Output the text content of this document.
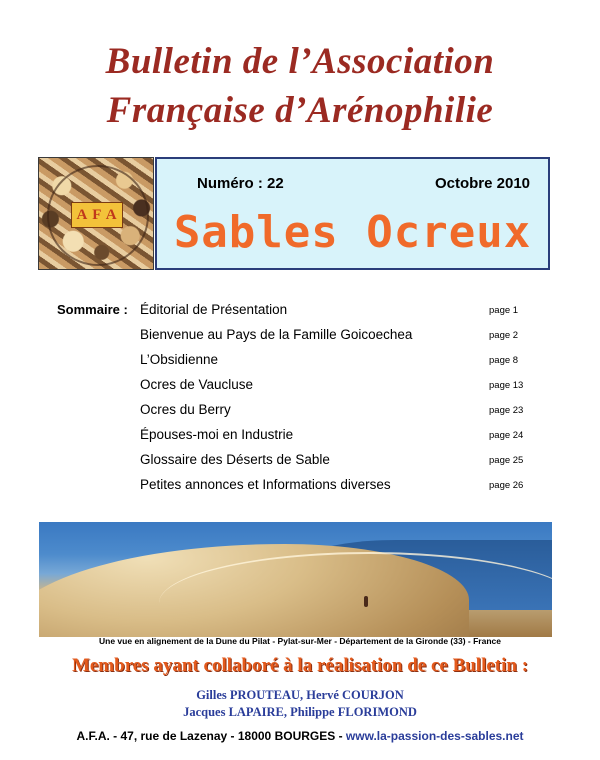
Bulletin de l’Association
Française d’Arénophilie
A F A
Numéro : 22	Octobre 2010
Sables Ocreux
Sommaire : Éditorial de Présentation	page 1
Bienvenue au Pays de la Famille Goicoechea	page 2
L’Obsidienne	page 8
Ocres de Vaucluse	page 13
Ocres du Berry	page 23
Épouses-moi en Industrie	page 24
Glossaire des Déserts de Sable	page 25
Petites annonces et Informations diverses	page 26
Une vue en alignement de la Dune du Pilat - Pylat-sur-Mer - Département de la Gironde (33) - France
Membres ayant collaboré à la réalisation de ce Bulletin :
Gilles PROUTEAU, Hervé COURJON
Jacques LAPAIRE, Philippe FLORIMOND
A.F.A. - 47, rue de Lazenay - 18000 BOURGES - www.la-passion-des-sables.net
